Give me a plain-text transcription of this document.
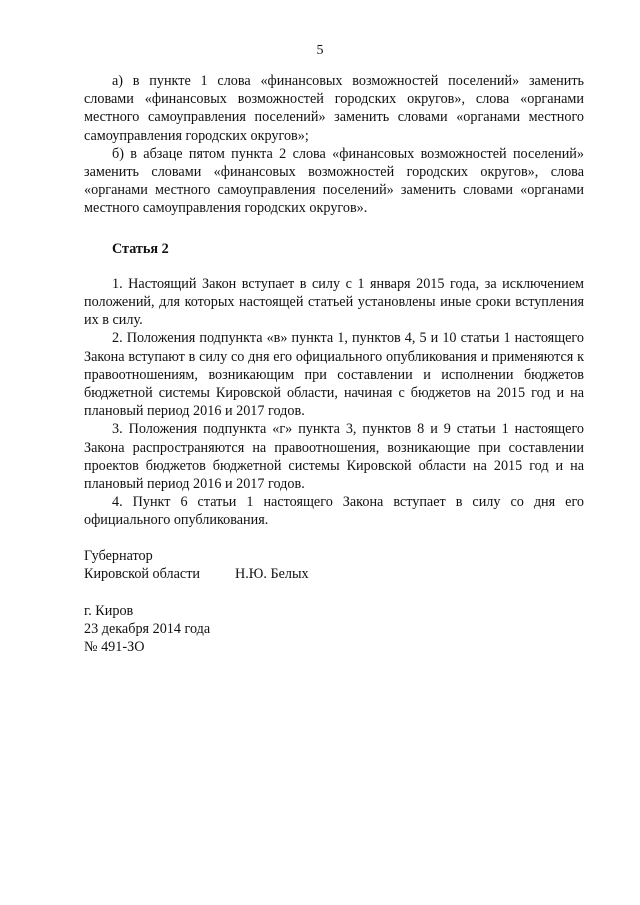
5

а) в пункте 1 слова «финансовых возможностей поселений» заменить словами «финансовых возможностей городских округов», слова «органами местного самоуправления поселений» заменить словами «органами местного самоуправления городских округов»;

б) в абзаце пятом пункта 2 слова «финансовых возможностей поселений» заменить словами «финансовых возможностей городских округов», слова «органами местного самоуправления поселений» заменить словами «органами местного самоуправления городских округов».

Статья 2

1. Настоящий Закон вступает в силу с 1 января 2015 года, за исключением положений, для которых настоящей статьей установлены иные сроки вступления их в силу.

2. Положения подпункта «в» пункта 1, пунктов 4, 5 и 10 статьи 1 настоящего Закона вступают в силу со дня его официального опубликования и применяются к правоотношениям, возникающим при составлении и исполнении бюджетов бюджетной системы Кировской области, начиная с бюджетов на 2015 год и на плановый период 2016 и 2017 годов.

3. Положения подпункта «г» пункта 3, пунктов 8 и 9 статьи 1 настоящего Закона распространяются на правоотношения, возникающие при составлении проектов бюджетов бюджетной системы Кировской области на 2015 год и на плановый период 2016 и 2017 годов.

4. Пункт 6 статьи 1 настоящего Закона вступает в силу со дня его официального опубликования.

Губернатор
Кировской области	Н.Ю. Белых
г. Киров
23 декабря 2014 года
№ 491-ЗО
